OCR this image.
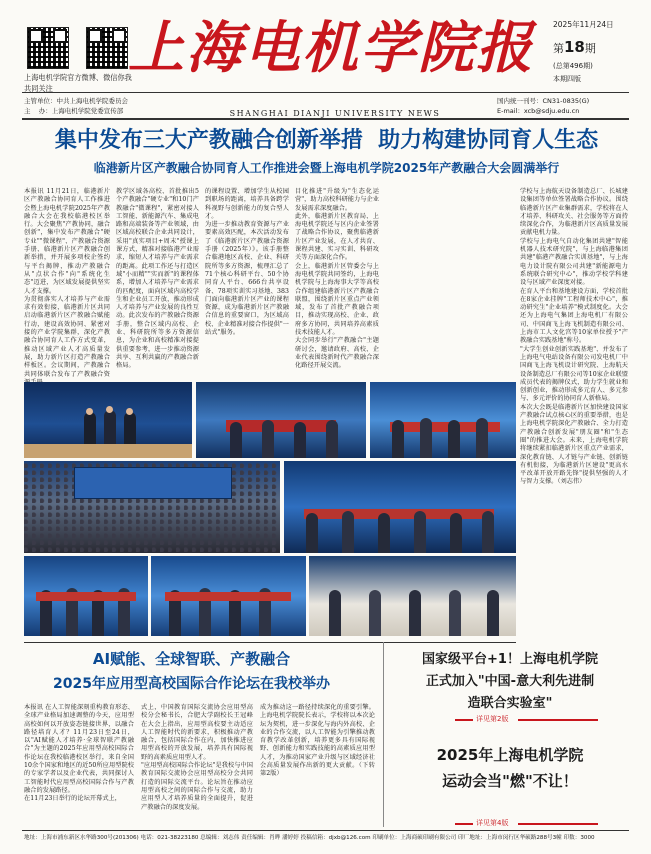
上海电机学院官方微博、微信你我共同关注
上海电机学院报	2025年11月24日
第18期
(总第496期)
本期四版
主管单位：中共上海电机学院委员会
主    办：上海电机学院党委宣传部	SHANGHAI DIANJI UNIVERSITY NEWS
国内统一刊号：CN31-0835(G)
E-mail：xcb@sdju.edu.cn
集中发布三大产教融合创新举措  助力构建协同育人生态
临港新片区产教融合协同育人工作推进会暨上海电机学院2025年产教融合大会圆满举行
本报讯 11月21日，临港新片区产教融合协同育人工作推进会暨上海电机学院2025年产教融合大会在我校临港校区举行。大会聚焦"产教协同，融合创新"，集中发布产教融合"硬专业""微课程"、产教融合资源手册、临港新片区产教融合创新举措，并开展多项校企签约与平台揭牌，推动产教融合从"点状合作"向"系统化生态"迈进，为区域发展提供坚实人才支撑。
为贯彻落实人才培养与产业需求有效衔接，临港新片区共同启动临港新片区产教融合赋能行动，建设高效协同、紧密对接的产业学院集群，深化产教融合协同育人工作方式变革，推动区域产业人才高质量发展，助力新片区打造产教融合样板区。会议期间，产教融合共同体联合发布了产教融合资
教学区域各高校、首批推出5个产教融合"硬专业"和10门产教融合"微课程"，紧密对接人工智能、新能源汽车、集成电路和高端装备等产业领域，由区域高校联合企业共同设计，采用"真实项目+周末"授课上课方式，精准对接临港产业需求，缩短人才培养与产业需求的距离。此项工作还与打造区域"小而精""实而新"的课程体系，增加人才培养与产业需求的匹配度，面向区域内高校学生和企业员工开放，推动形成人才培养与产业发展的良性互动。此次发布的产教融合资源手册，整合区域内高校、企业、科研院所等多方资源信息，为企业和高校精准对接提供重要参考，进一步推动资源共享、互利共赢的产教融合新格局。
的课程设置、增加学生从校园到职场的距离，培养具备跨学科视野与创新能力的复合型人才。
为进一步推动教育资源与产业要素高效匹配，本次活动发布了《临港新片区产教融合资源手册（2025年）》。该手册整合临港地区高校、企业、科研院所等多方资源，梳理汇总了71个核心科研平台、50个协同育人平台、666台共享设备、78项实训实习基地、383门面向临港新片区产业的课程资源，成为临港新片区产教融合信息的重要窗口，为区域高校、企业精准对接合作提供"一站式"服务。
目化推进"升级为"生态化运营"，助力高校科研能力与企业发展需求深度融合。
此外，临港新片区教育局、上海电机学院还与区内企业签署了战略合作协议，聚焦临港新片区产业发展，在人才共育、课程共建、实习实训、科研攻关等方面深化合作。
会上，临港新片区管委会与上海电机学院共同签约，上海电机学院与上海海事大学等高校合作组建临港新片区产教融合联盟，围绕新片区重点产业领域，发布了首批产教融合项目，推动实现高校、企业、政府多方协同，共同培养高素质技术技能人才。
大会同步举行"产教融合"主题研讨会，邀请政府、高校、企业代表围绕新时代产教融合深化路径开展交流。
学校与上海航天设备制造总厂、长城建设集团等单位签署战略合作协议。围绕临港新片区产业集群需求，学校将在人才培养、科研攻关、社会服务等方面持续深化合作，为临港新片区高质量发展贡献电机力量。
学校与上海电气自动化集团共建"智能机器人技术研究院"，与上海临港集团共建"临港产教融合实训基地"，与上海电力设计院有限公司共建"新能源电力系统联合研究中心"，推动学校学科建设与区域产业深度对接。
在育人平台和基地建设方面，学校首批在8家企业挂牌"工程师技术中心"，推动研究生"企业培养"模式制度化。大会还为上海电气集团上海电机厂有限公司、中国商飞上海飞机制造有限公司、上海市工人文化宫等10家单位授予"产教融合实践基地"称号。
"大学生创业创新实践基地"、并发布了上海电气电站设备有限公司发电机厂中国商飞上海飞机设计研究院、上海航天设备制造总厂有限公司等10家企业联盟成员代表的揭牌仪式，助力学生就业和创新创业，推动形成多元育人、多元参与、多元评价的协同育人新格局。
本次大会既是临港新片区加快建设国家产教融合试点核心区的重要举措，也是上海电机学院深化产教融合、全力打造产教融合创新发展"朋友圈"和"生态圈"的推进大会。未来，上海电机学院将继续紧扣临港新片区重点产业需求，深化教育链、人才链与产业链、创新链有机衔接，为临港新片区建设"更高水平改革开放开路先锋"提供坚强的人才与智力支撑。（刘志伟）
AI赋能、全球智联、产教融合
2025年应用型高校国际合作论坛在我校举办
本报讯 在人工智能深刻重构教育形态、全球产业格局加速调整的今天，应用型高校如何以开放姿态链接世界，以融合路径培育人才？11月23日至24日，以"AI赋能人才培养·全球智联产教融合"为主题的2025年应用型高校国际合作论坛在我校临港校区举行，来自全国10余个国家和地区的近50所应用型院校的专家学者以及企业代表，共同探讨人工智能时代应用型高校国际合作与产教融合的发展路径。
在11月23日举行的论坛开幕式上，
式上，中国教育国际交流协会应用型高校分会秘书长，合肥大学副校长王冠峰在大会上指出，应用型高校要主动适应人工智能时代的新要求，积极推动产教融合，包括国际合作在内，加快推进应用型高校的开放发展，培养具有国际视野的高素质应用型人才。
"应用型高校国际合作论坛"是我校与中国教育国际交流协会应用型高校分会共同打造的国际交流平台。论坛旨在推动应用型高校之间的国际合作与交流，助力应用型人才培养质量的全面提升，促进产教融合的深度发展。
成为推动这一路径持续深化的重要引擎。上海电机学院院长表示，学校将以本次论坛为契机，进一步深化与海内外高校、企业的合作交流，以人工智能为引擎推动教育教学改革创新，培养更多具有国际视野、创新能力和实践技能的高素质应用型人才，为推动国家产业升级与区域经济社会高质量发展作出新的更大贡献。（下转第2版）
国家级平台+1！上海电机学院
正式加入"中国-意大利先进制
造联合实验室"
详见第2版
2025年上海电机学院
运动会当"燃"不让！
详见第4版
地址：上海市浦东新区水华路300号(201306) 电话：021-38223180 总编辑：刘志伟 责任编辑：肖晔 潘婷婷 投稿信箱：djxb@126.com 印刷单位：上海商硕印刷有限公司 印厂地址：上海市闵行区华硕路288号3幢 印数：3000
